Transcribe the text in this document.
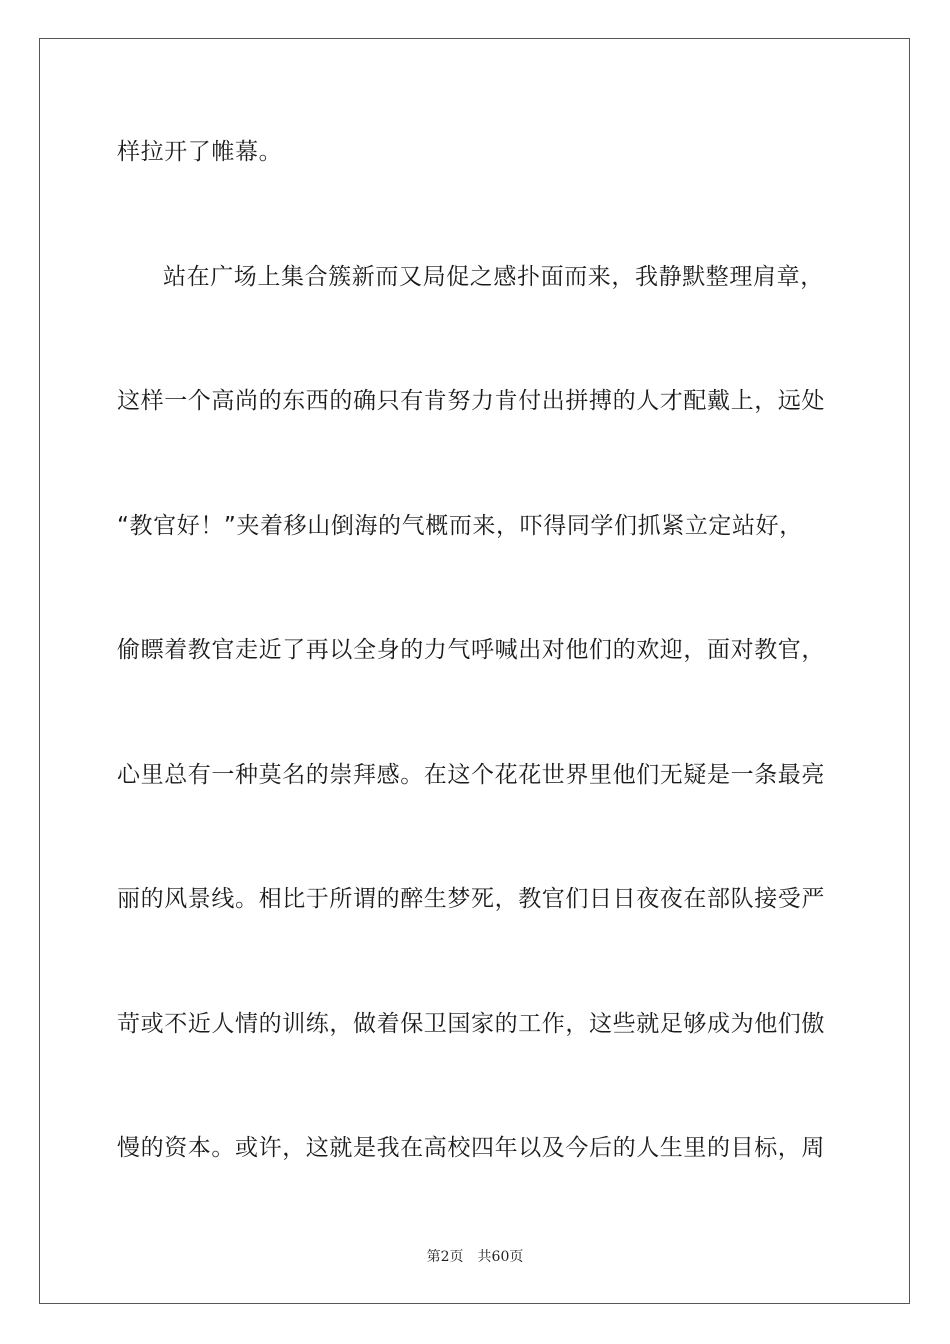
样拉开了帷幕。
站在广场上集合簇新而又局促之感扑面而来，我静默整理肩章，
这样一个高尚的东西的确只有肯努力肯付出拼搏的人才配戴上，远处
“教官好！”夹着移山倒海的气概而来，吓得同学们抓紧立定站好，
偷瞟着教官走近了再以全身的力气呼喊出对他们的欢迎，面对教官，
心里总有一种莫名的崇拜感。在这个花花世界里他们无疑是一条最亮
丽的风景线。相比于所谓的醉生梦死，教官们日日夜夜在部队接受严
苛或不近人情的训练，做着保卫国家的工作，这些就足够成为他们傲
慢的资本。或许，这就是我在高校四年以及今后的人生里的目标，周
第2页 共60页
